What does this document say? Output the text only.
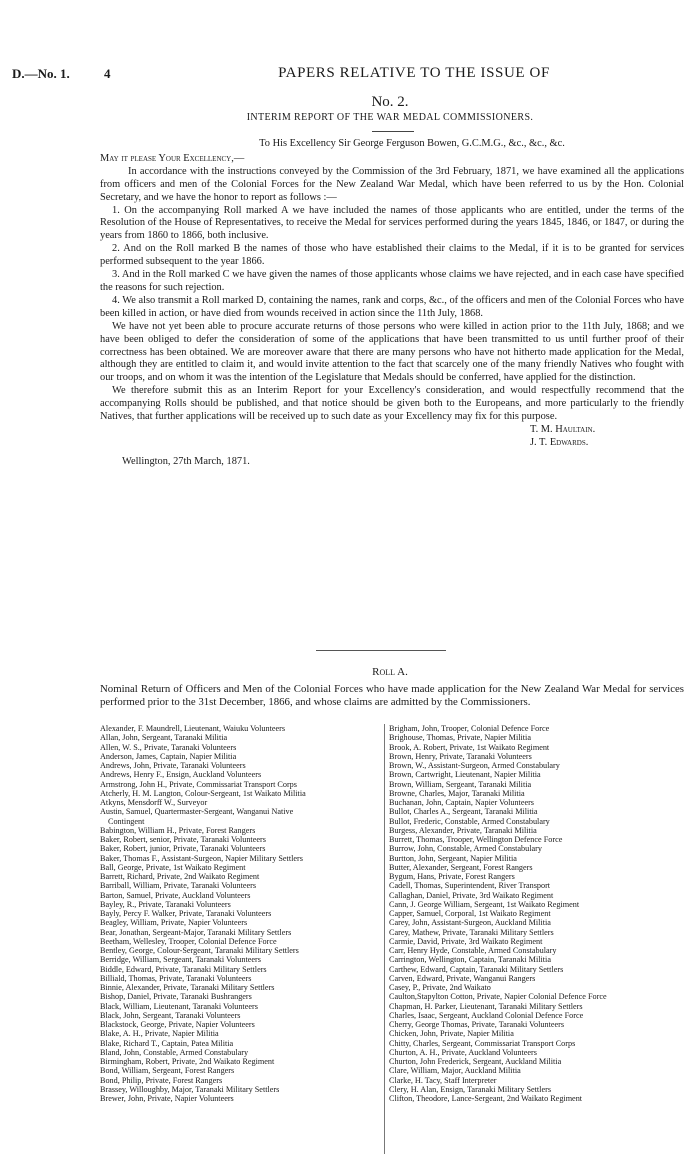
D.—No. 1.	4	PAPERS RELATIVE TO THE ISSUE OF
No. 2.
INTERIM REPORT OF THE WAR MEDAL COMMISSIONERS.

To His Excellency Sir George Ferguson Bowen, G.C.M.G., &c., &c., &c.

May it please Your Excellency,—

In accordance with the instructions conveyed by the Commission of the 3rd February, 1871, we have examined all the applications from officers and men of the Colonial Forces for the New Zealand War Medal, which have been referred to us by the Hon. Colonial Secretary, and we have the honor to report as follows :—

1. On the accompanying Roll marked A we have included the names of those applicants who are entitled, under the terms of the Resolution of the House of Representatives, to receive the Medal for services performed during the years 1845, 1846, or 1847, or during the years from 1860 to 1866, both inclusive.

2. And on the Roll marked B the names of those who have established their claims to the Medal, if it is to be granted for services performed subsequent to the year 1866.

3. And in the Roll marked C we have given the names of those applicants whose claims we have rejected, and in each case have specified the reasons for such rejection.

4. We also transmit a Roll marked D, containing the names, rank and corps, &c., of the officers and men of the Colonial Forces who have been killed in action, or have died from wounds received in action since the 11th July, 1868.

We have not yet been able to procure accurate returns of those persons who were killed in action prior to the 11th July, 1868; and we have been obliged to defer the consideration of some of the applications that have been transmitted to us until further proof of their correctness has been obtained. We are moreover aware that there are many persons who have not hitherto made application for the Medal, although they are entitled to claim it, and would invite attention to the fact that scarcely one of the many friendly Natives who fought with our troops, and on whom it was the intention of the Legislature that Medals should be conferred, have applied for the distinction.

We therefore submit this as an Interim Report for your Excellency's consideration, and would respectfully recommend that the accompanying Rolls should be published, and that notice should be given both to the Europeans, and more particularly to the friendly Natives, that further applications will be received up to such date as your Excellency may fix for this purpose.

T. M. Haultain.

J. T. Edwards.

Wellington, 27th March, 1871.

Roll A.
Nominal Return of Officers and Men of the Colonial Forces who have made application for the New Zealand War Medal for services performed prior to the 31st December, 1866, and whose claims are admitted by the Commissioners.
Alexander, F. Maundrell, Lieutenant, Waiuku Volunteers
Allan, John, Sergeant, Taranaki Militia
Allen, W. S., Private, Taranaki Volunteers
Anderson, James, Captain, Napier Militia
Andrews, John, Private, Taranaki Volunteers
Andrews, Henry F., Ensign, Auckland Volunteers
Armstrong, John H., Private, Commissariat Transport Corps
Atcherly, H. M. Langton, Colour-Sergeant, 1st Waikato Militia
Atkyns, Mensdorff W., Surveyor
Austin, Samuel, Quartermaster-Sergeant, Wanganui Native
Contingent
Babington, William H., Private, Forest Rangers
Baker, Robert, senior, Private, Taranaki Volunteers
Baker, Robert, junior, Private, Taranaki Volunteers
Baker, Thomas F., Assistant-Surgeon, Napier Military Settlers
Ball, George, Private, 1st Waikato Regiment
Barrett, Richard, Private, 2nd Waikato Regiment
Barriball, William, Private, Taranaki Volunteers
Barton, Samuel, Private, Auckland Volunteers
Bayley, R., Private, Taranaki Volunteers
Bayly, Percy F. Walker, Private, Taranaki Volunteers
Beagley, William, Private, Napier Volunteers
Bear, Jonathan, Sergeant-Major, Taranaki Military Settlers
Beetham, Wellesley, Trooper, Colonial Defence Force
Bentley, George, Colour-Sergeant, Taranaki Military Settlers
Berridge, William, Sergeant, Taranaki Volunteers
Biddle, Edward, Private, Taranaki Military Settlers
Billiald, Thomas, Private, Taranaki Volunteers
Binnie, Alexander, Private, Taranaki Military Settlers
Bishop, Daniel, Private, Taranaki Bushrangers
Black, William, Lieutenant, Taranaki Volunteers
Black, John, Sergeant, Taranaki Volunteers
Blackstock, George, Private, Napier Volunteers
Blake, A. H., Private, Napier Militia
Blake, Richard T., Captain, Patea Militia
Bland, John, Constable, Armed Constabulary
Birmingham, Robert, Private, 2nd Waikato Regiment
Bond, William, Sergeant, Forest Rangers
Bond, Philip, Private, Forest Rangers
Brassey, Willoughby, Major, Taranaki Military Settlers
Brewer, John, Private, Napier Volunteers
Brigham, John, Trooper, Colonial Defence Force
Brighouse, Thomas, Private, Napier Militia
Brook, A. Robert, Private, 1st Waikato Regiment
Brown, Henry, Private, Taranaki Volunteers
Brown, W., Assistant-Surgeon, Armed Constabulary
Brown, Cartwright, Lieutenant, Napier Militia
Brown, William, Sergeant, Taranaki Militia
Browne, Charles, Major, Taranaki Militia
Buchanan, John, Captain, Napier Volunteers
Bullot, Charles A., Sergeant, Taranaki Militia
Bullot, Frederic, Constable, Armed Constabulary
Burgess, Alexander, Private, Taranaki Militia
Burrett, Thomas, Trooper, Wellington Defence Force
Burrow, John, Constable, Armed Constabulary
Burtton, John, Sergeant, Napier Militia
Butter, Alexander, Sergeant, Forest Rangers
Bygum, Hans, Private, Forest Rangers
Cadell, Thomas, Superintendent, River Transport
Callaghan, Daniel, Private, 3rd Waikato Regiment
Cann, J. George William, Sergeant, 1st Waikato Regiment
Capper, Samuel, Corporal, 1st Waikato Regiment
Carey, John, Assistant-Surgeon, Auckland Militia
Carey, Mathew, Private, Taranaki Military Settlers
Carmie, David, Private, 3rd Waikato Regiment
Carr, Henry Hyde, Constable, Armed Constabulary
Carrington, Wellington, Captain, Taranaki Militia
Carthew, Edward, Captain, Taranaki Military Settlers
Carven, Edward, Private, Wanganui Rangers
Casey, P., Private, 2nd Waikato
Caulton,Stapylton Cotton, Private, Napier Colonial Defence Force
Chapman, H. Parker, Lieutenant, Taranaki Military Settlers
Charles, Isaac, Sergeant, Auckland Colonial Defence Force
Cherry, George Thomas, Private, Taranaki Volunteers
Chicken, John, Private, Napier Militia
Chitty, Charles, Sergeant, Commissariat Transport Corps
Churton, A. H., Private, Auckland Volunteers
Churton, John Frederick, Sergeant, Auckland Militia
Clare, William, Major, Auckland Militia
Clarke, H. Tacy, Staff Interpreter
Clery, H. Alan, Ensign, Taranaki Military Settlers
Clifton, Theodore, Lance-Sergeant, 2nd Waikato Regiment
